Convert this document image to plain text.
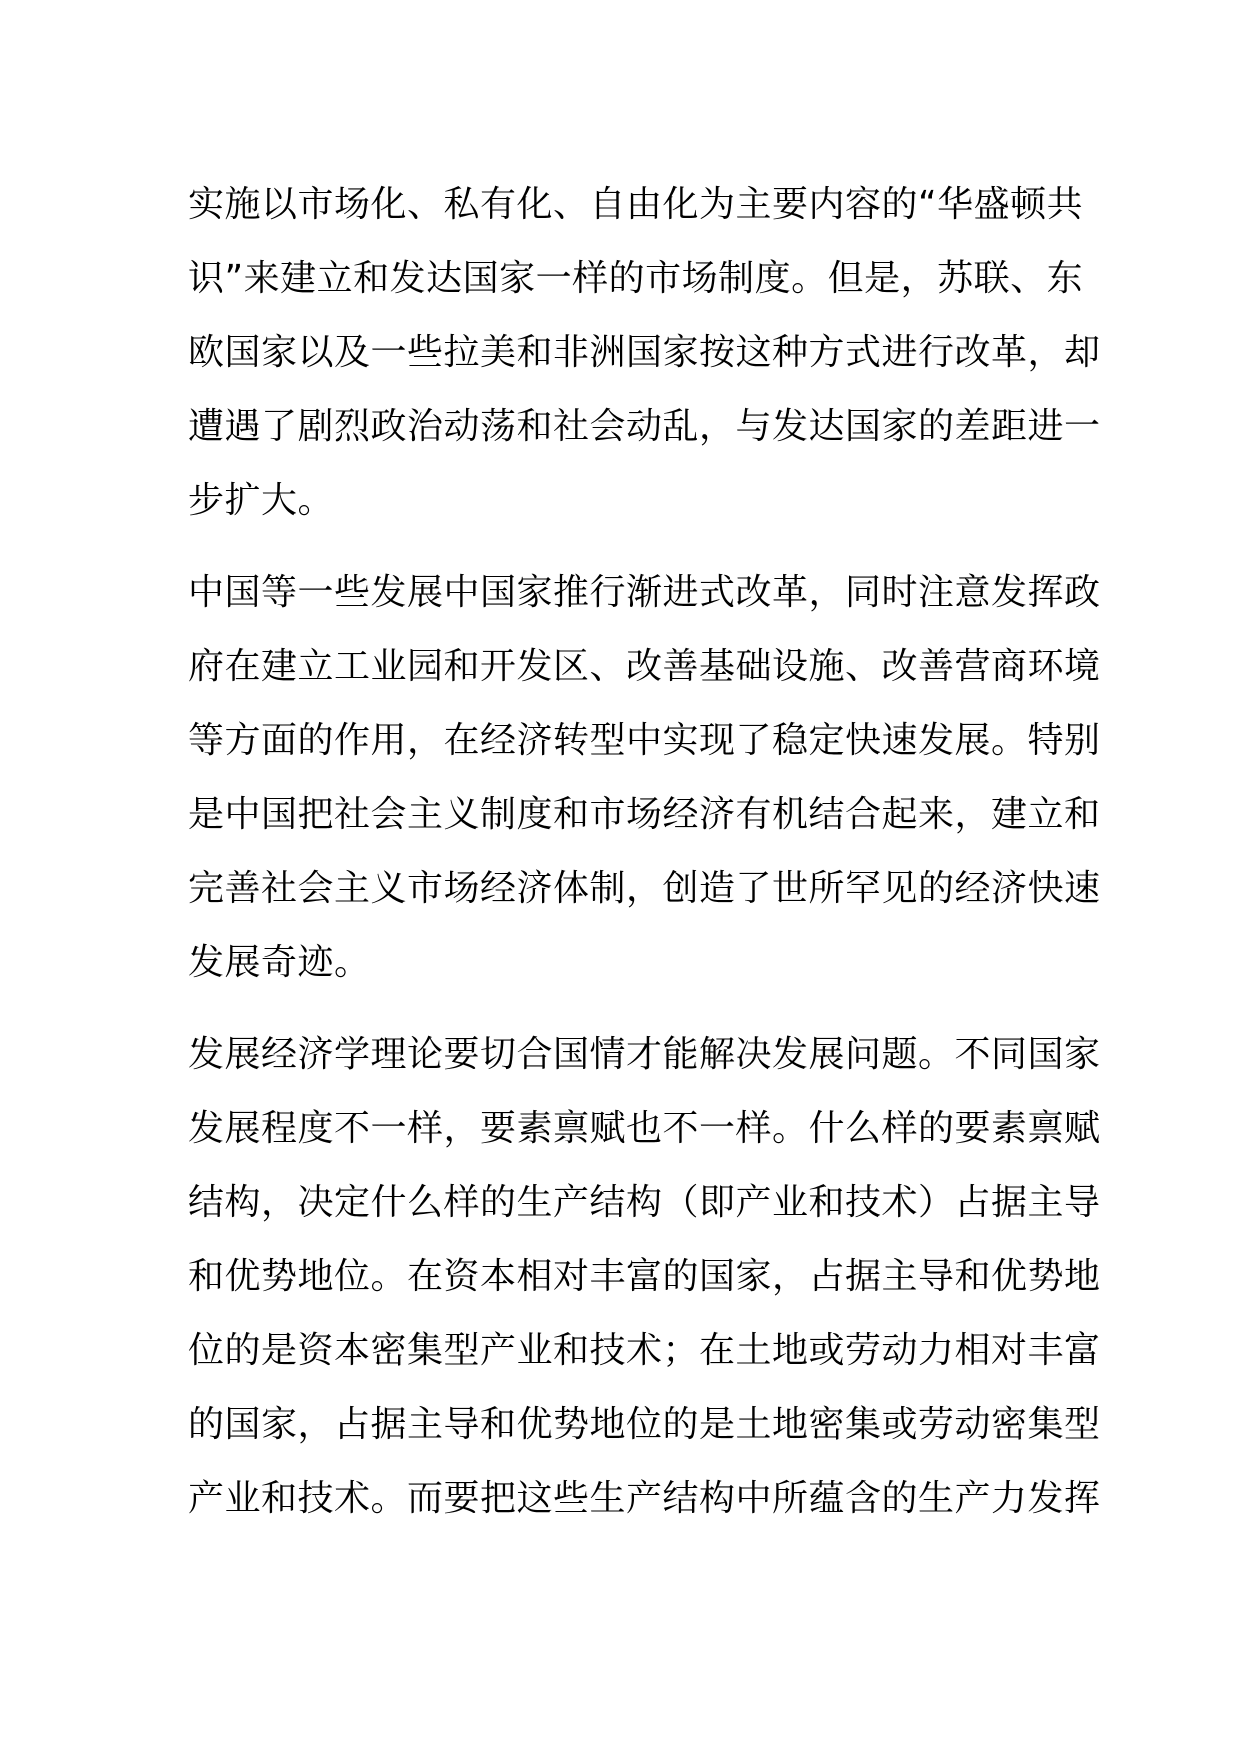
实施以市场化、私有化、自由化为主要内容的“华盛顿共
识”来建立和发达国家一样的市场制度。但是，苏联、东
欧国家以及一些拉美和非洲国家按这种方式进行改革，却
遭遇了剧烈政治动荡和社会动乱，与发达国家的差距进一
步扩大。
中国等一些发展中国家推行渐进式改革，同时注意发挥政
府在建立工业园和开发区、改善基础设施、改善营商环境
等方面的作用，在经济转型中实现了稳定快速发展。特别
是中国把社会主义制度和市场经济有机结合起来，建立和
完善社会主义市场经济体制，创造了世所罕见的经济快速
发展奇迹。
发展经济学理论要切合国情才能解决发展问题。不同国家
发展程度不一样，要素禀赋也不一样。什么样的要素禀赋
结构，决定什么样的生产结构（即产业和技术）占据主导
和优势地位。在资本相对丰富的国家，占据主导和优势地
位的是资本密集型产业和技术；在土地或劳动力相对丰富
的国家，占据主导和优势地位的是土地密集或劳动密集型
产业和技术。而要把这些生产结构中所蕴含的生产力发挥
